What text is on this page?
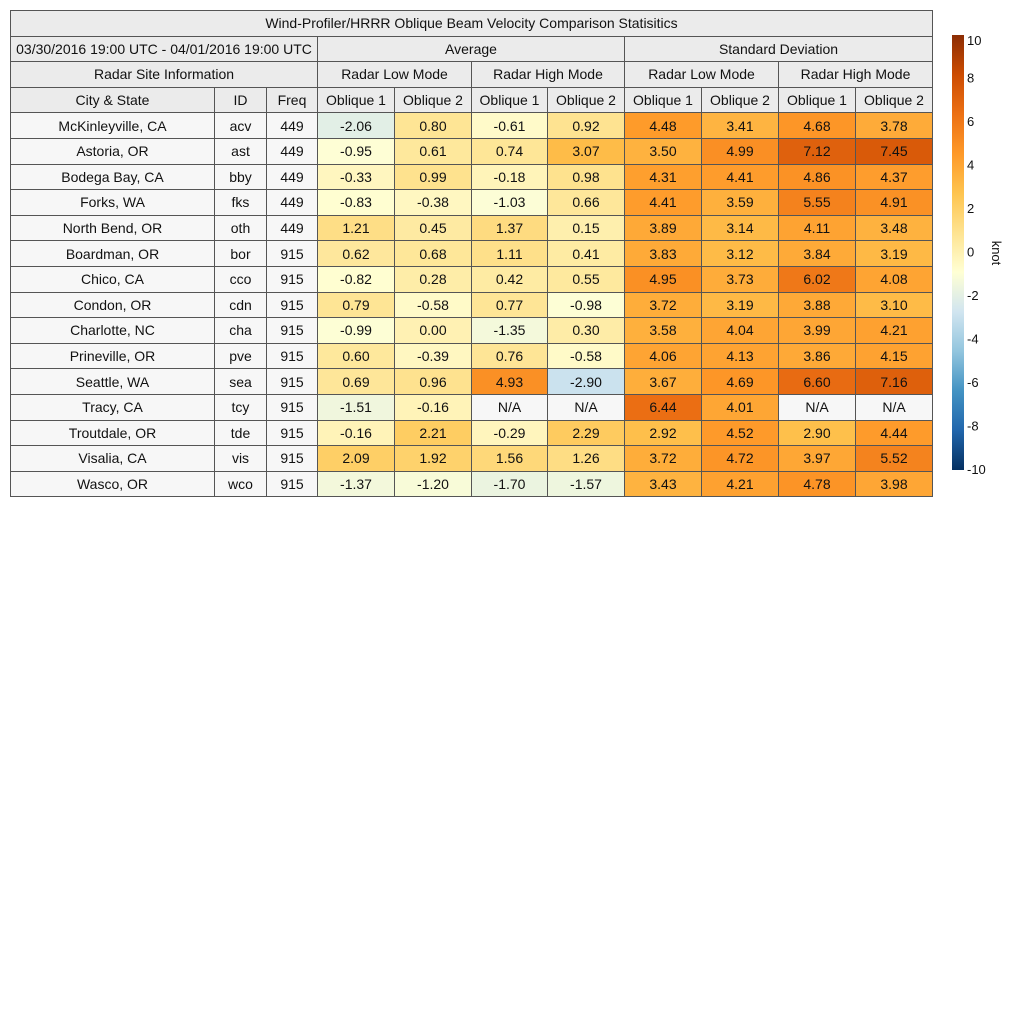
Wind-Profiler/HRRR Oblique Beam Velocity Comparison Statisitics										
03/30/2016 19:00 UTC - 04/01/2016 19:00 UTC			Average				Standard Deviation			
Radar Site Information			Radar Low Mode		Radar High Mode		Radar Low Mode		Radar High Mode	
City & State	ID	Freq	Oblique 1	Oblique 2	Oblique 1	Oblique 2	Oblique 1	Oblique 2	Oblique 1	Oblique 2
McKinleyville, CA	acv	449	-2.06	0.80	-0.61	0.92	4.48	3.41	4.68	3.78
Astoria, OR	ast	449	-0.95	0.61	0.74	3.07	3.50	4.99	7.12	7.45
Bodega Bay, CA	bby	449	-0.33	0.99	-0.18	0.98	4.31	4.41	4.86	4.37
Forks, WA	fks	449	-0.83	-0.38	-1.03	0.66	4.41	3.59	5.55	4.91
North Bend, OR	oth	449	1.21	0.45	1.37	0.15	3.89	3.14	4.11	3.48
Boardman, OR	bor	915	0.62	0.68	1.11	0.41	3.83	3.12	3.84	3.19
Chico, CA	cco	915	-0.82	0.28	0.42	0.55	4.95	3.73	6.02	4.08
Condon, OR	cdn	915	0.79	-0.58	0.77	-0.98	3.72	3.19	3.88	3.10
Charlotte, NC	cha	915	-0.99	0.00	-1.35	0.30	3.58	4.04	3.99	4.21
Prineville, OR	pve	915	0.60	-0.39	0.76	-0.58	4.06	4.13	3.86	4.15
Seattle, WA	sea	915	0.69	0.96	4.93	-2.90	3.67	4.69	6.60	7.16
Tracy, CA	tcy	915	-1.51	-0.16	N/A	N/A	6.44	4.01	N/A	N/A
Troutdale, OR	tde	915	-0.16	2.21	-0.29	2.29	2.92	4.52	2.90	4.44
Visalia, CA	vis	915	2.09	1.92	1.56	1.26	3.72	4.72	3.97	5.52
Wasco, OR	wco	915	-1.37	-1.20	-1.70	-1.57	3.43	4.21	4.78	3.98
10
8
6
4
2
0
-2
-4
-6
-8
-10
knot
